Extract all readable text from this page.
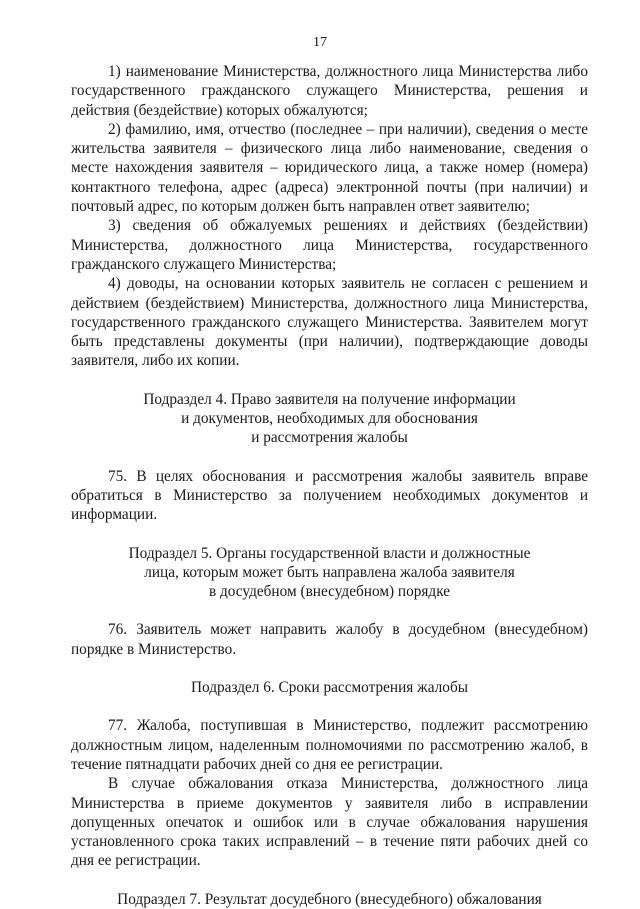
17

1) наименование Министерства, должностного лица Министерства либо государственного гражданского служащего Министерства, решения и действия (бездействие) которых обжалуются;

2) фамилию, имя, отчество (последнее – при наличии), сведения о месте жительства заявителя – физического лица либо наименование, сведения о месте нахождения заявителя – юридического лица, а также номер (номера) контактного телефона, адрес (адреса) электронной почты (при наличии) и почтовый адрес, по которым должен быть направлен ответ заявителю;

3) сведения об обжалуемых решениях и действиях (бездействии) Министерства, должностного лица Министерства, государственного гражданского служащего Министерства;

4) доводы, на основании которых заявитель не согласен с решением и действием (бездействием) Министерства, должностного лица Министерства, государственного гражданского служащего Министерства. Заявителем могут быть представлены документы (при наличии), подтверждающие доводы заявителя, либо их копии.

Подраздел 4. Право заявителя на получение информации

и документов, необходимых для обоснования

и рассмотрения жалобы

75. В целях обоснования и рассмотрения жалобы заявитель вправе обратиться в Министерство за получением необходимых документов и информации.

Подраздел 5. Органы государственной власти и должностные

лица, которым может быть направлена жалоба заявителя

в досудебном (внесудебном) порядке

76. Заявитель может направить жалобу в досудебном (внесудебном) порядке в Министерство.

Подраздел 6. Сроки рассмотрения жалобы

77. Жалоба, поступившая в Министерство, подлежит рассмотрению должностным лицом, наделенным полномочиями по рассмотрению жалоб, в течение пятнадцати рабочих дней со дня ее регистрации.

В случае обжалования отказа Министерства, должностного лица Министерства в приеме документов у заявителя либо в исправлении допущенных опечаток и ошибок или в случае обжалования нарушения установленного срока таких исправлений – в течение пяти рабочих дней со дня ее регистрации.

Подраздел 7. Результат досудебного (внесудебного) обжалования
